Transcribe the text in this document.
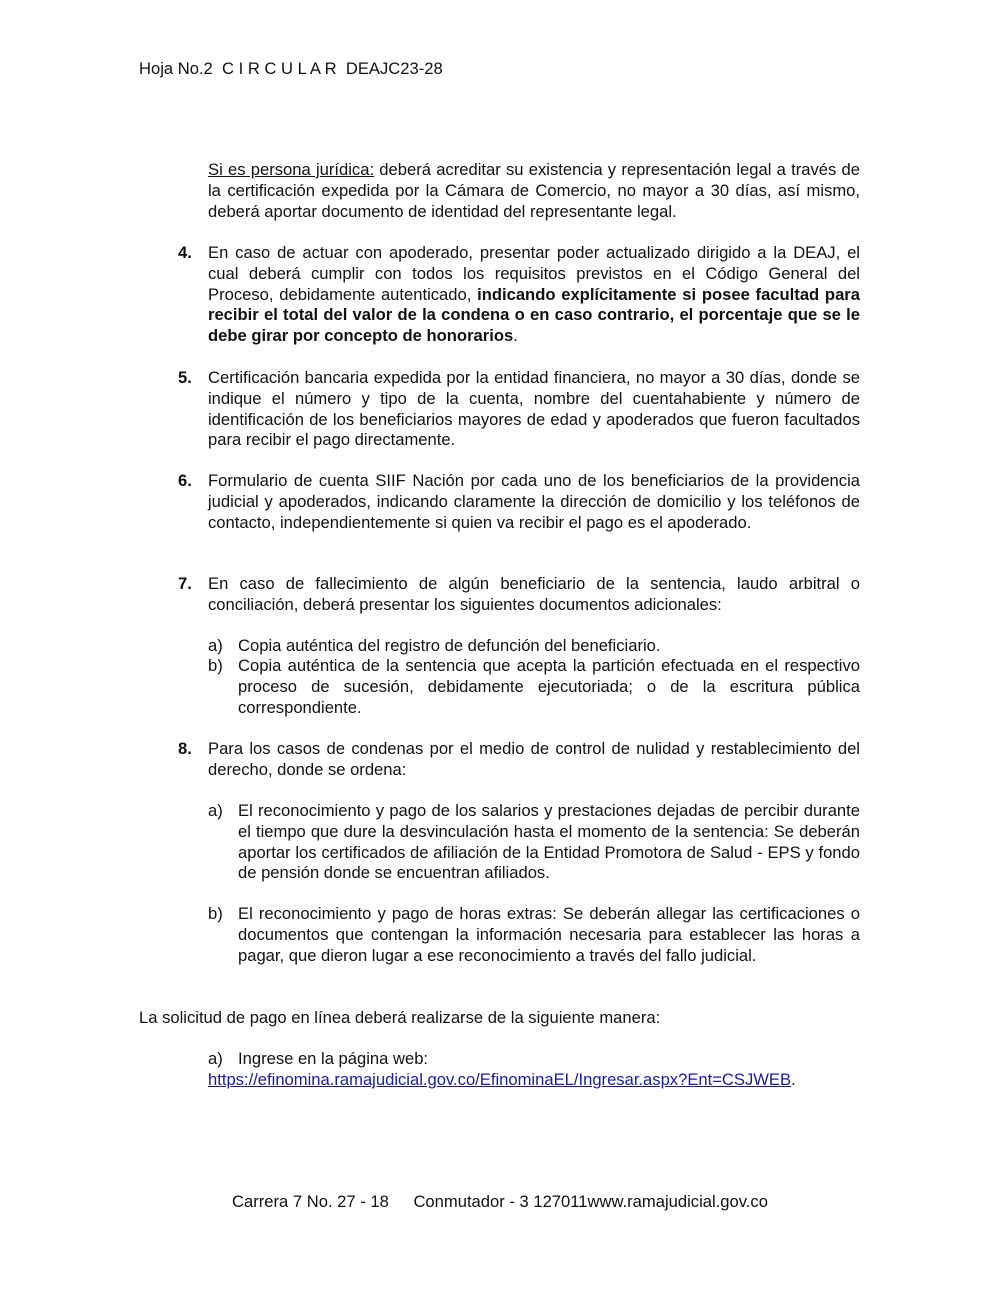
Hoja No.2  C I R C U L A R  DEAJC23-28
Si es persona jurídica: deberá acreditar su existencia y representación legal a través de la certificación expedida por la Cámara de Comercio, no mayor a 30 días, así mismo, deberá aportar documento de identidad del representante legal.
4. En caso de actuar con apoderado, presentar poder actualizado dirigido a la DEAJ, el cual deberá cumplir con todos los requisitos previstos en el Código General del Proceso, debidamente autenticado, indicando explícitamente si posee facultad para recibir el total del valor de la condena o en caso contrario, el porcentaje que se le debe girar por concepto de honorarios.
5. Certificación bancaria expedida por la entidad financiera, no mayor a 30 días, donde se indique el número y tipo de la cuenta, nombre del cuentahabiente y número de identificación de los beneficiarios mayores de edad y apoderados que fueron facultados para recibir el pago directamente.
6. Formulario de cuenta SIIF Nación por cada uno de los beneficiarios de la providencia judicial y apoderados, indicando claramente la dirección de domicilio y los teléfonos de contacto, independientemente si quien va recibir el pago es el apoderado.
7. En caso de fallecimiento de algún beneficiario de la sentencia, laudo arbitral o conciliación, deberá presentar los siguientes documentos adicionales:
a) Copia auténtica del registro de defunción del beneficiario.
b) Copia auténtica de la sentencia que acepta la partición efectuada en el respectivo proceso de sucesión, debidamente ejecutoriada; o de la escritura pública correspondiente.
8. Para los casos de condenas por el medio de control de nulidad y restablecimiento del derecho, donde se ordena:
a) El reconocimiento y pago de los salarios y prestaciones dejadas de percibir durante el tiempo que dure la desvinculación hasta el momento de la sentencia: Se deberán aportar los certificados de afiliación de la Entidad Promotora de Salud - EPS y fondo de pensión donde se encuentran afiliados.
b) El reconocimiento y pago de horas extras: Se deberán allegar las certificaciones o documentos que contengan la información necesaria para establecer las horas a pagar, que dieron lugar a ese reconocimiento a través del fallo judicial.
La solicitud de pago en línea deberá realizarse de la siguiente manera:
a) Ingrese en la página web:
https://efinomina.ramajudicial.gov.co/EfinominaEL/Ingresar.aspx?Ent=CSJWEB.
Carrera 7 No. 27 - 18 Conmutador - 3 127011www.ramajudicial.gov.co
